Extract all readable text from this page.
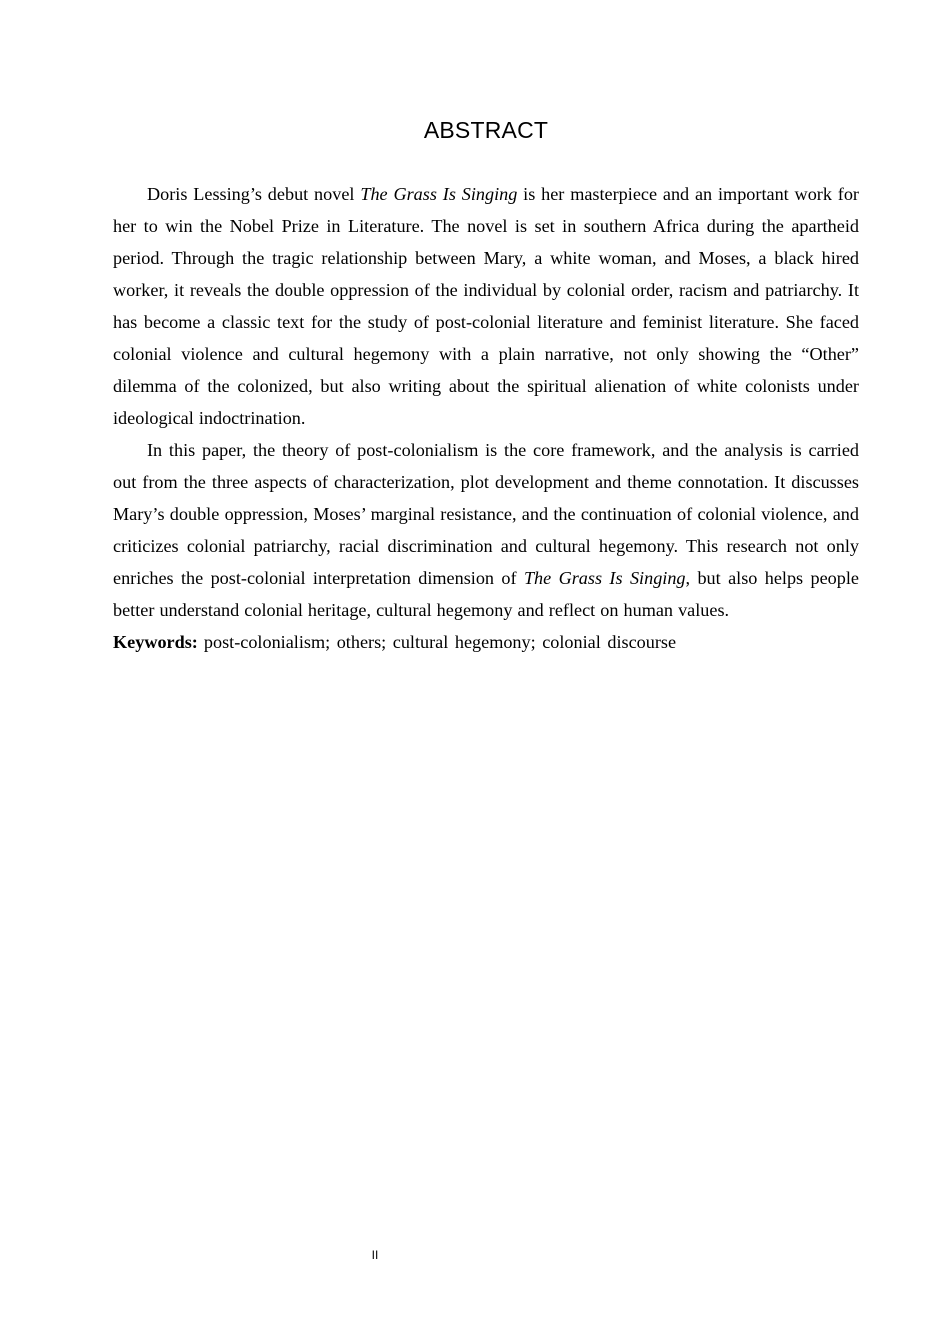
ABSTRACT

Doris Lessing’s debut novel The Grass Is Singing is her masterpiece and an important work for her to win the Nobel Prize in Literature. The novel is set in southern Africa during the apartheid period. Through the tragic relationship between Mary, a white woman, and Moses, a black hired worker, it reveals the double oppression of the individual by colonial order, racism and patriarchy. It has become a classic text for the study of post-colonial literature and feminist literature. She faced colonial violence and cultural hegemony with a plain narrative, not only showing the “Other” dilemma of the colonized, but also writing about the spiritual alienation of white colonists under ideological indoctrination.

In this paper, the theory of post-colonialism is the core framework, and the analysis is carried out from the three aspects of characterization, plot development and theme connotation. It discusses Mary’s double oppression, Moses’ marginal resistance, and the continuation of colonial violence, and criticizes colonial patriarchy, racial discrimination and cultural hegemony. This research not only enriches the post-colonial interpretation dimension of The Grass Is Singing, but also helps people better understand colonial heritage, cultural hegemony and reflect on human values.

Keywords: post-colonialism; others; cultural hegemony; colonial discourse

II
